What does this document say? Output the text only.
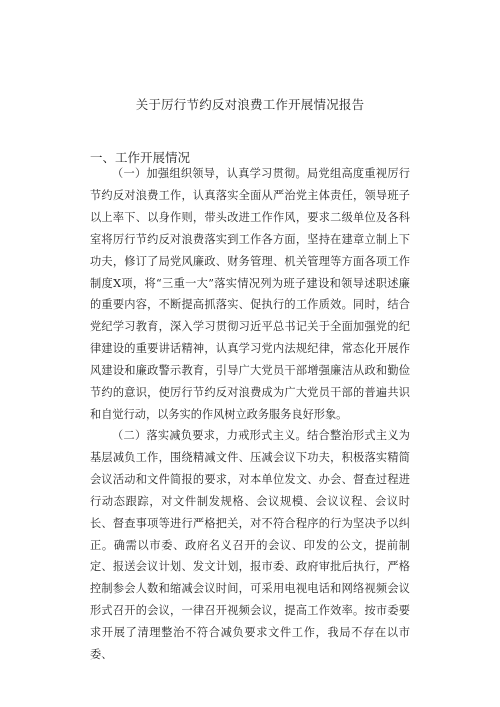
关于厉行节约反对浪费工作开展情况报告
一、工作开展情况

（一）加强组织领导，认真学习贯彻。局党组高度重视厉行节约反对浪费工作，认真落实全面从严治党主体责任，领导班子以上率下、以身作则，带头改进工作作风，要求二级单位及各科室将厉行节约反对浪费落实到工作各方面，坚持在建章立制上下功夫，修订了局党风廉政、财务管理、机关管理等方面各项工作制度X项，将“三重一大”落实情况列为班子建设和领导述职述廉的重要内容，不断提高抓落实、促执行的工作质效。同时，结合党纪学习教育，深入学习贯彻习近平总书记关于全面加强党的纪律建设的重要讲话精神，认真学习党内法规纪律，常态化开展作风建设和廉政警示教育，引导广大党员干部增强廉洁从政和勤俭节约的意识，使厉行节约反对浪费成为广大党员干部的普遍共识和自觉行动，以务实的作风树立政务服务良好形象。

（二）落实减负要求，力戒形式主义。结合整治形式主义为基层减负工作，围绕精减文件、压减会议下功夫，积极落实精简会议活动和文件简报的要求，对本单位发文、办会、督查过程进行动态跟踪，对文件制发规格、会议规模、会议议程、会议时长、督查事项等进行严格把关，对不符合程序的行为坚决予以纠正。确需以市委、政府名义召开的会议、印发的公文，提前制定、报送会议计划、发文计划，报市委、政府审批后执行，严格控制参会人数和缩减会议时间，可采用电视电话和网络视频会议形式召开的会议，一律召开视频会议，提高工作效率。按市委要求开展了清理整治不符合减负要求文件工作，我局不存在以市委、
